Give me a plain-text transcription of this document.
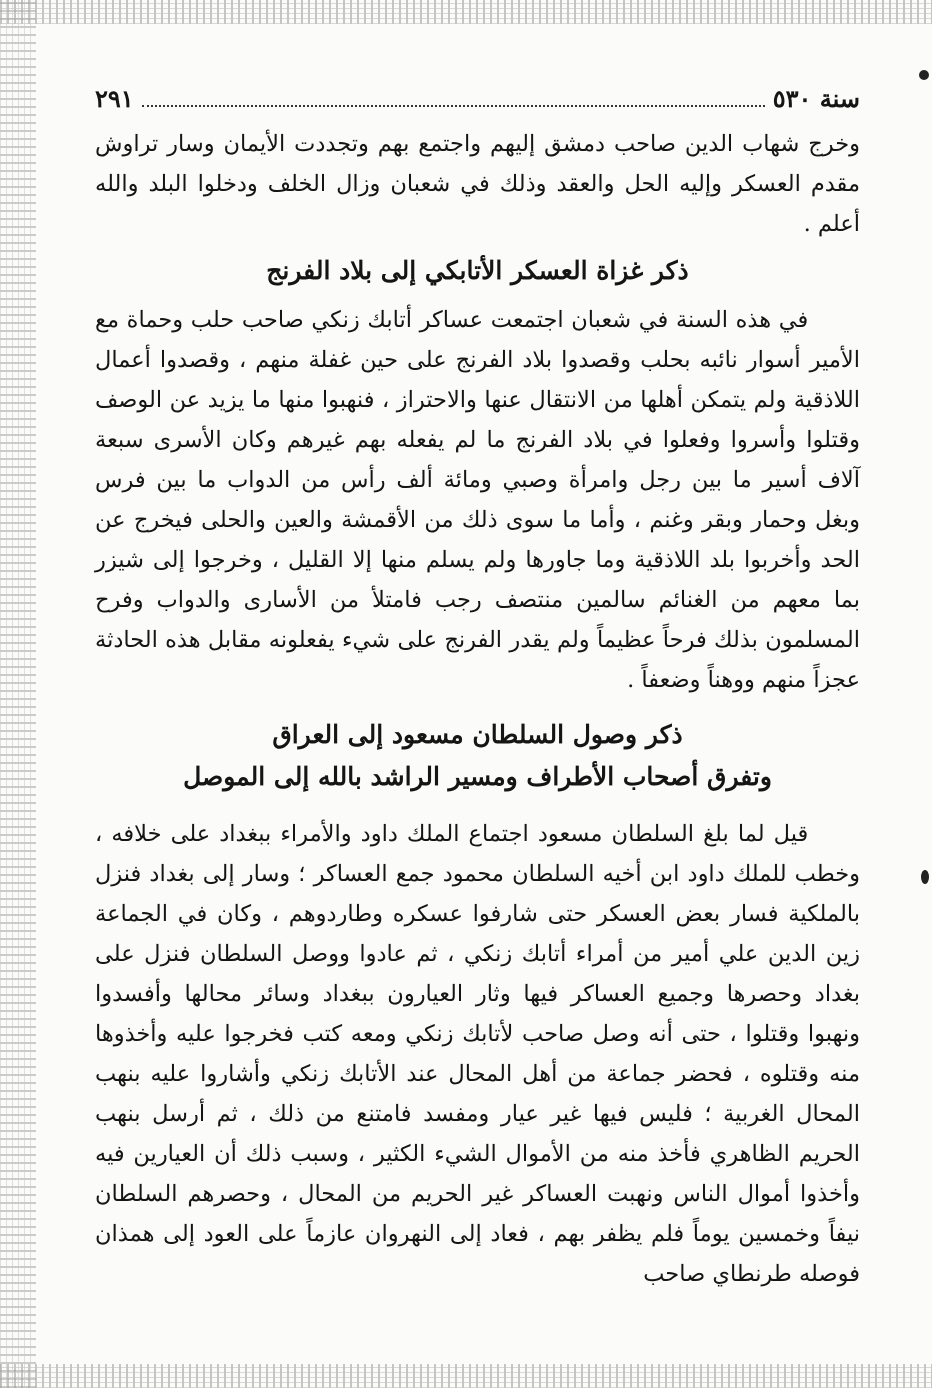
سنة ٥٣٠
٢٩١

وخرج شهاب الدين صاحب دمشق إليهم واجتمع بهم وتجددت الأيمان وسار تراوش مقدم العسكر وإليه الحل والعقد وذلك في شعبان وزال الخلف ودخلوا البلد والله أعلم .

ذكر غزاة العسكر الأتابكي إلى بلاد الفرنج

في هذه السنة في شعبان اجتمعت عساكر أتابك زنكي صاحب حلب وحماة مع الأمير أسوار نائبه بحلب وقصدوا بلاد الفرنج على حين غفلة منهم ، وقصدوا أعمال اللاذقية ولم يتمكن أهلها من الانتقال عنها والاحتراز ، فنهبوا منها ما يزيد عن الوصف وقتلوا وأسروا وفعلوا في بلاد الفرنج ما لم يفعله بهم غيرهم وكان الأسرى سبعة آلاف أسير ما بين رجل وامرأة وصبي ومائة ألف رأس من الدواب ما بين فرس وبغل وحمار وبقر وغنم ، وأما ما سوى ذلك من الأقمشة والعين والحلى فيخرج عن الحد وأخربوا بلد اللاذقية وما جاورها ولم يسلم منها إلا القليل ، وخرجوا إلى شيزر بما معهم من الغنائم سالمين منتصف رجب فامتلأ من الأسارى والدواب وفرح المسلمون بذلك فرحاً عظيماً ولم يقدر الفرنج على شيء يفعلونه مقابل هذه الحادثة عجزاً منهم ووهناً وضعفاً .

ذكر وصول السلطان مسعود إلى العراق
وتفرق أصحاب الأطراف ومسير الراشد بالله إلى الموصل

قيل لما بلغ السلطان مسعود اجتماع الملك داود والأمراء ببغداد على خلافه ، وخطب للملك داود ابن أخيه السلطان محمود جمع العساكر ؛ وسار إلى بغداد فنزل بالملكية فسار بعض العسكر حتى شارفوا عسكره وطاردوهم ، وكان في الجماعة زين الدين علي أمير من أمراء أتابك زنكي ، ثم عادوا ووصل السلطان فنزل على بغداد وحصرها وجميع العساكر فيها وثار العيارون ببغداد وسائر محالها وأفسدوا ونهبوا وقتلوا ، حتى أنه وصل صاحب لأتابك زنكي ومعه كتب فخرجوا عليه وأخذوها منه وقتلوه ، فحضر جماعة من أهل المحال عند الأتابك زنكي وأشاروا عليه بنهب المحال الغربية ؛ فليس فيها غير عيار ومفسد فامتنع من ذلك ، ثم أرسل بنهب الحريم الظاهري فأخذ منه من الأموال الشيء الكثير ، وسبب ذلك أن العيارين فيه وأخذوا أموال الناس ونهبت العساكر غير الحريم من المحال ، وحصرهم السلطان نيفاً وخمسين يوماً فلم يظفر بهم ، فعاد إلى النهروان عازماً على العود إلى همذان فوصله طرنطاي صاحب
